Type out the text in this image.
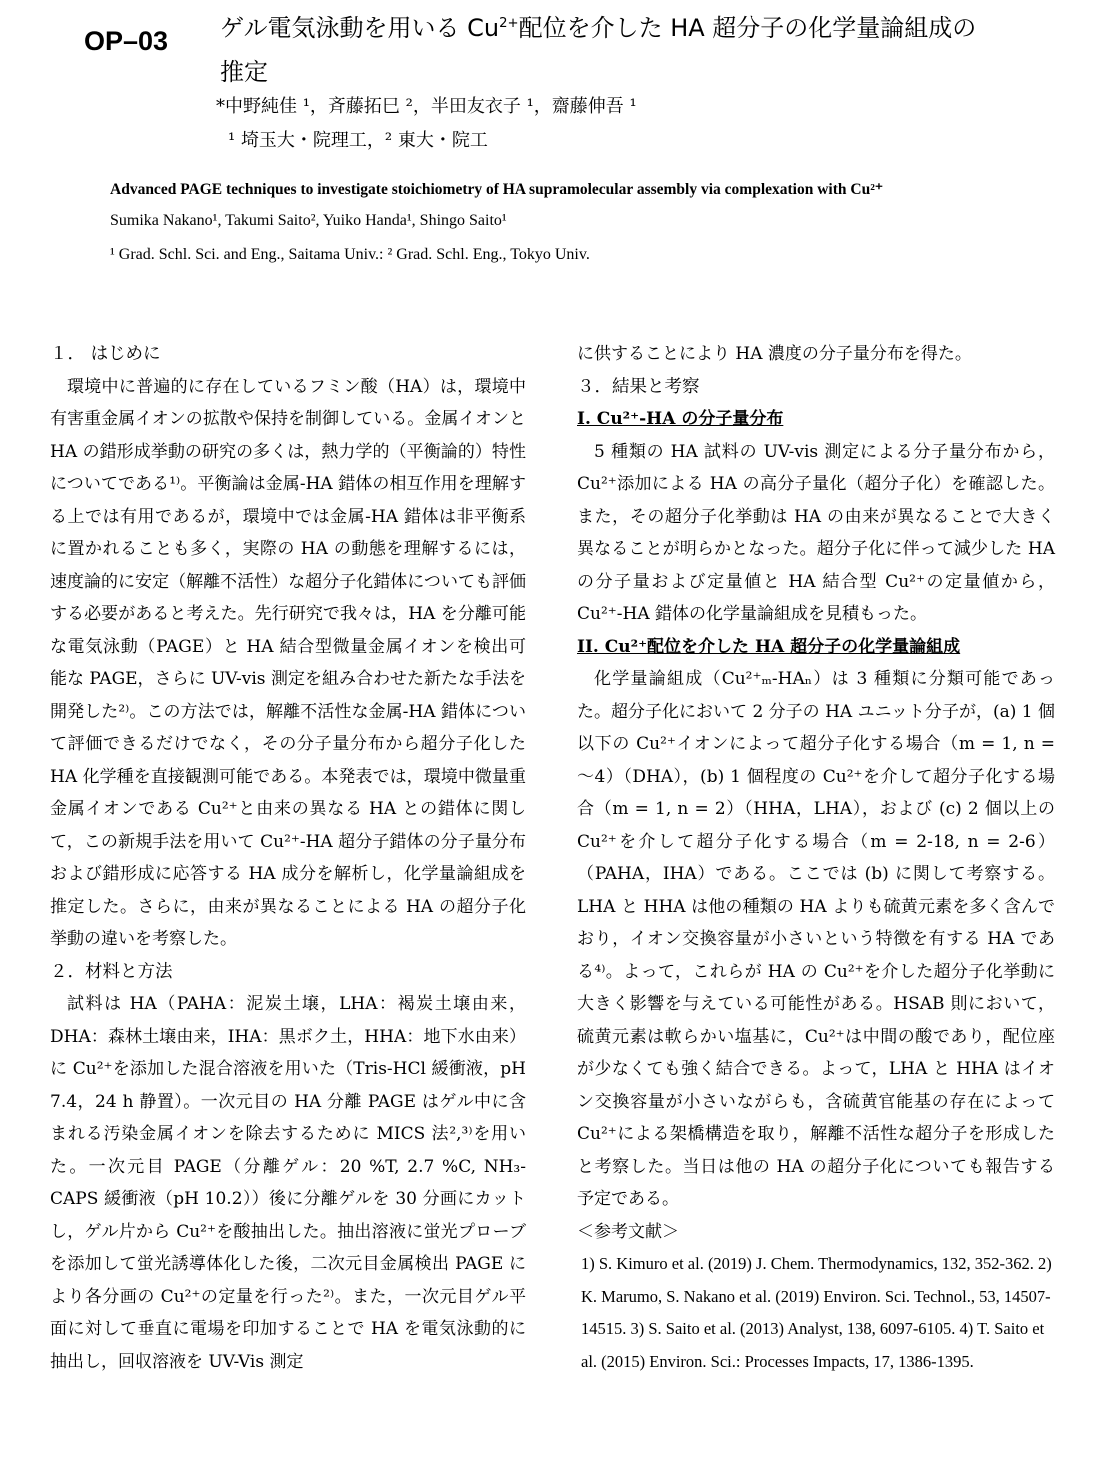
OP–03 ゲル電気泳動を用いる $Cu^{2+}$配位を介した HA 超分子の化学量論組成の
推定
*中野純佳 ¹，斉藤拓巳 ²，半田友衣子 ¹，齋藤伸吾 ¹
¹ 埼玉大・院理工，² 東大・院工
Advanced PAGE techniques to investigate stoichiometry of HA supramolecular assembly via complexation with Cu²⁺
Sumika Nakano¹, Takumi Saito², Yuiko Handa¹, Shingo Saito¹
¹ Grad. Schl. Sci. and Eng., Saitama Univ.: ² Grad. Schl. Eng., Tokyo Univ.

１． はじめに

環境中に普遍的に存在しているフミン酸（HA）は，環境中有害重金属イオンの拡散や保持を制御している。金属イオンと HA の錯形成挙動の研究の多くは，熱力学的（平衡論的）特性についてである¹⁾。平衡論は金属-HA 錯体の相互作用を理解する上では有用であるが，環境中では金属-HA 錯体は非平衡系に置かれることも多く，実際の HA の動態を理解するには，速度論的に安定（解離不活性）な超分子化錯体についても評価する必要があると考えた。先行研究で我々は，HA を分離可能な電気泳動（PAGE）と HA 結合型微量金属イオンを検出可能な PAGE，さらに UV-vis 測定を組み合わせた新たな手法を開発した²⁾。この方法では，解離不活性な金属-HA 錯体について評価できるだけでなく，その分子量分布から超分子化した HA 化学種を直接観測可能である。本発表では，環境中微量重金属イオンである Cu²⁺と由来の異なる HA との錯体に関して，この新規手法を用いて Cu²⁺-HA 超分子錯体の分子量分布および錯形成に応答する HA 成分を解析し，化学量論組成を推定した。さらに，由来が異なることによる HA の超分子化挙動の違いを考察した。

２．材料と方法

試料は HA（PAHA：泥炭土壌，LHA：褐炭土壌由来，DHA：森林土壌由来，IHA：黒ボク土，HHA：地下水由来）に Cu²⁺を添加した混合溶液を用いた（Tris-HCl 緩衝液，pH 7.4，24 h 静置）。一次元目の HA 分離 PAGE はゲル中に含まれる汚染金属イオンを除去するために MICS 法²,³⁾を用いた。一次元目 PAGE（分離ゲル：20 %T, 2.7 %C, NH₃-CAPS 緩衝液（pH 10.2））後に分離ゲルを 30 分画にカットし，ゲル片から Cu²⁺を酸抽出した。抽出溶液に蛍光プローブを添加して蛍光誘導体化した後，二次元目金属検出 PAGE により各分画の Cu²⁺の定量を行った²⁾。また，一次元目ゲル平面に対して垂直に電場を印加することで HA を電気泳動的に抽出し，回収溶液を UV-Vis 測定

に供することにより HA 濃度の分子量分布を得た。

３．結果と考察

I. Cu²⁺-HA の分子量分布

5 種類の HA 試料の UV-vis 測定による分子量分布から，Cu²⁺添加による HA の高分子量化（超分子化）を確認した。また，その超分子化挙動は HA の由来が異なることで大きく異なることが明らかとなった。超分子化に伴って減少した HA の分子量および定量値と HA 結合型 Cu²⁺の定量値から，Cu²⁺-HA 錯体の化学量論組成を見積もった。

II. Cu²⁺配位を介した HA 超分子の化学量論組成

化学量論組成（Cu²⁺ₘ-HAₙ）は 3 種類に分類可能であった。超分子化において 2 分子の HA ユニット分子が，(a) 1 個以下の Cu²⁺イオンによって超分子化する場合（m = 1, n = ～4）（DHA），(b) 1 個程度の Cu²⁺を介して超分子化する場合（m = 1, n = 2）（HHA，LHA），および (c) 2 個以上の Cu²⁺を介して超分子化する場合（m = 2-18, n = 2-6）（PAHA，IHA）である。ここでは (b) に関して考察する。LHA と HHA は他の種類の HA よりも硫黄元素を多く含んでおり，イオン交換容量が小さいという特徴を有する HA である⁴⁾。よって，これらが HA の Cu²⁺を介した超分子化挙動に大きく影響を与えている可能性がある。HSAB 則において，硫黄元素は軟らかい塩基に，Cu²⁺は中間の酸であり，配位座が少なくても強く結合できる。よって，LHA と HHA はイオン交換容量が小さいながらも，含硫黄官能基の存在によって Cu²⁺による架橋構造を取り，解離不活性な超分子を形成したと考察した。当日は他の HA の超分子化についても報告する予定である。

＜参考文献＞

1) S. Kimuro et al. (2019) J. Chem. Thermodynamics, 132, 352-362. 2) K. Marumo, S. Nakano et al. (2019) Environ. Sci. Technol., 53, 14507-14515. 3) S. Saito et al. (2013) Analyst, 138, 6097-6105. 4) T. Saito et al. (2015) Environ. Sci.: Processes Impacts, 17, 1386-1395.
